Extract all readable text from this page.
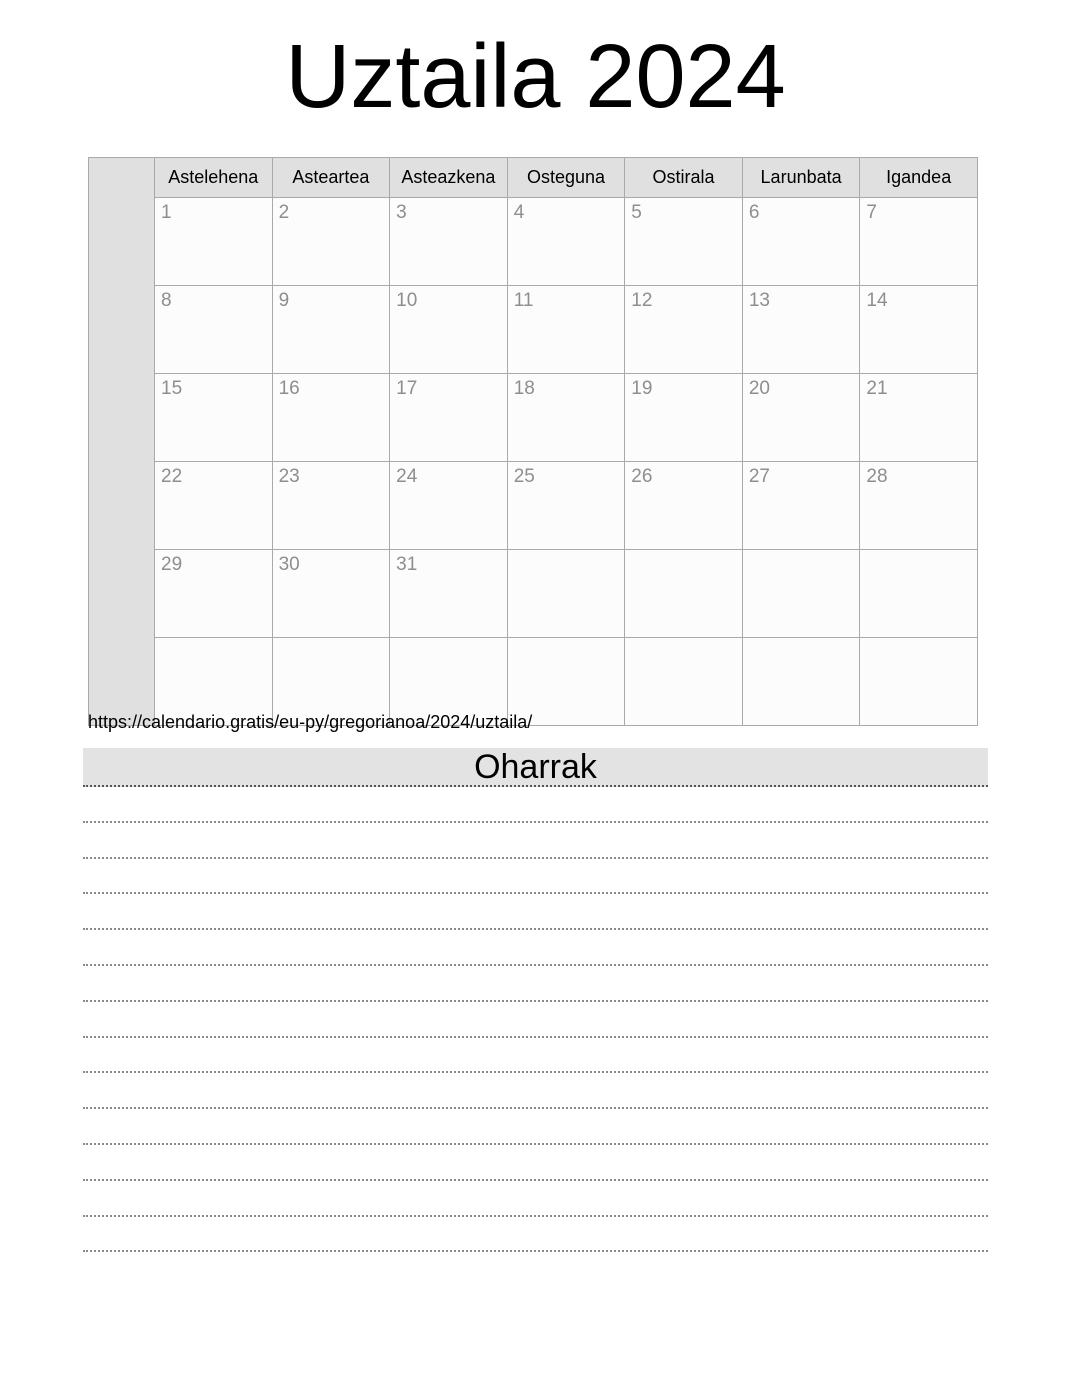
Uztaila 2024
	Astelehena	Asteartea	Asteazkena	Osteguna	Ostirala	Larunbata	Igandea
	1	2	3	4	5	6	7
	8	9	10	11	12	13	14
	15	16	17	18	19	20	21
	22	23	24	25	26	27	28
	29	30	31				

https://calendario.gratis/eu-py/gregorianoa/2024/uztaila/
Oharrak
